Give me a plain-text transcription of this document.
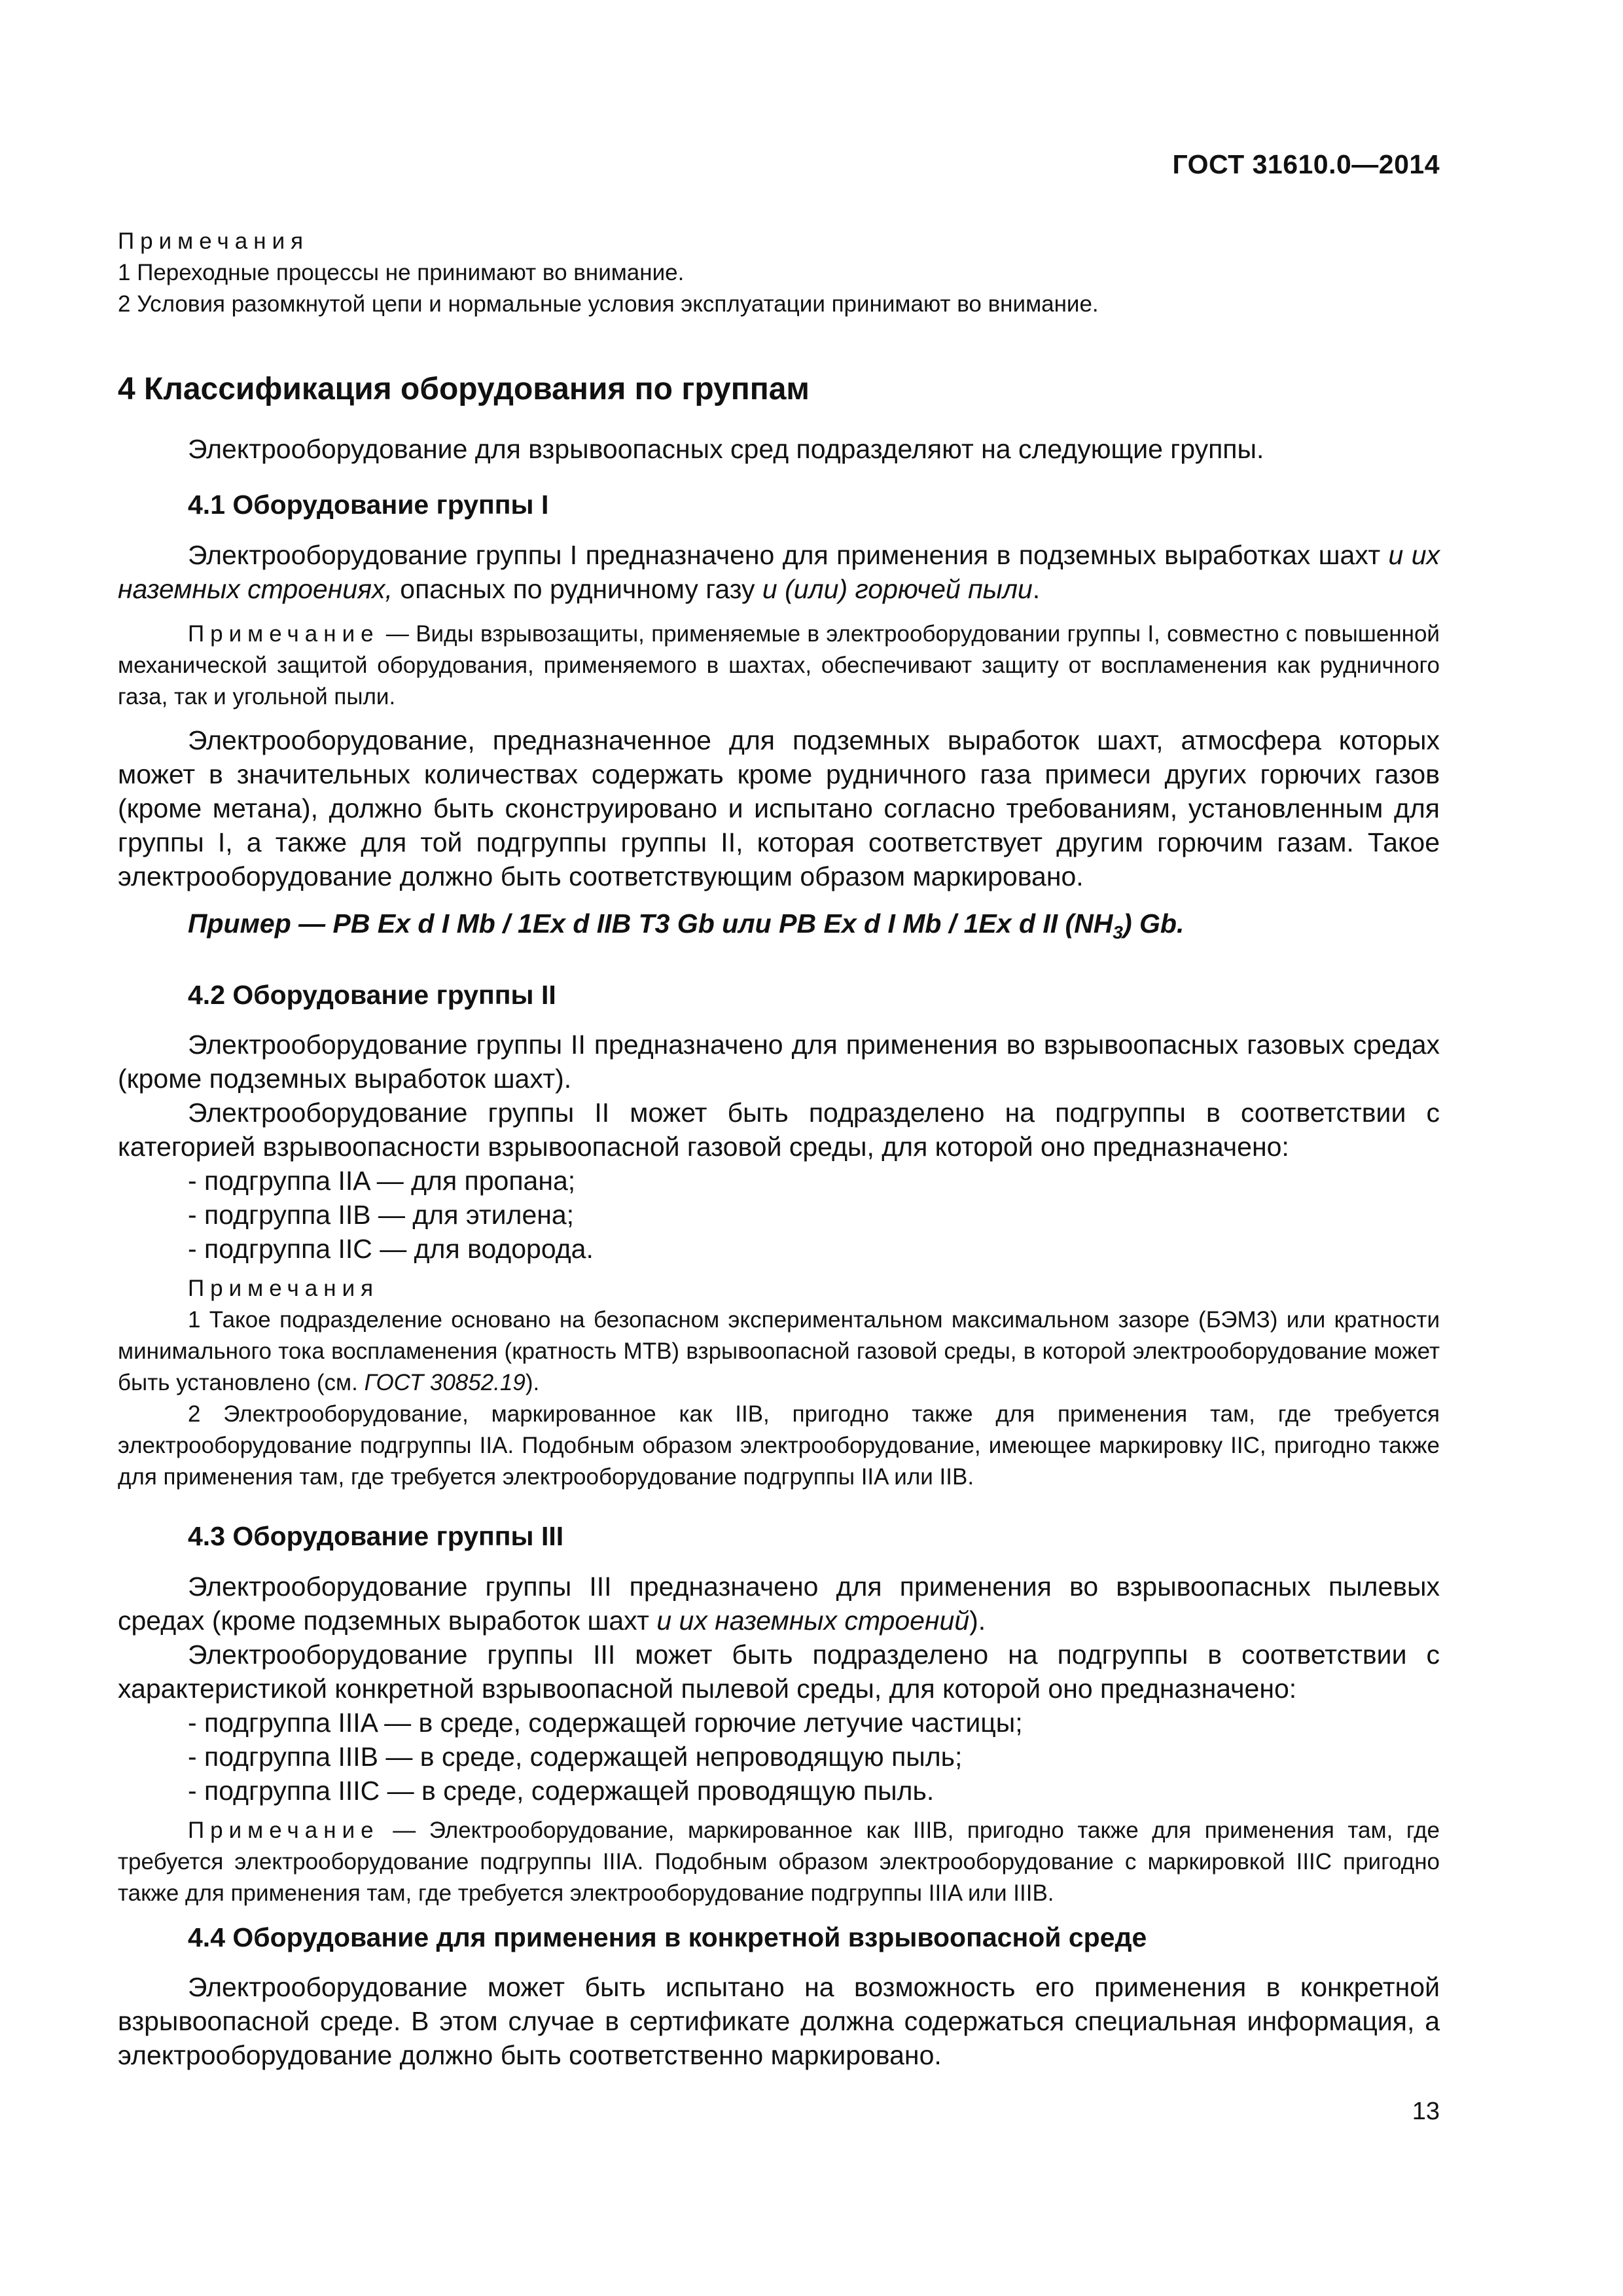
ГОСТ 31610.0—2014

Примечания

1 Переходные процессы не принимают во внимание.

2 Условия разомкнутой цепи и нормальные условия эксплуатации принимают во внимание.

4 Классификация оборудования по группам

Электрооборудование для взрывоопасных сред подразделяют на следующие группы.

4.1 Оборудование группы I

Электрооборудование группы I предназначено для применения в подземных выработках шахт и их наземных строениях, опасных по рудничному газу и (или) горючей пыли.

Примечание — Виды взрывозащиты, применяемые в электрооборудовании группы I, совместно с повышенной механической защитой оборудования, применяемого в шахтах, обеспечивают защиту от воспламенения как рудничного газа, так и угольной пыли.

Электрооборудование, предназначенное для подземных выработок шахт, атмосфера которых может в значительных количествах содержать кроме рудничного газа примеси других горючих газов (кроме метана), должно быть сконструировано и испытано согласно требованиям, установленным для группы I, а также для той подгруппы группы II, которая соответствует другим горючим газам. Такое электрооборудование должно быть соответствующим образом маркировано.

Пример — PB Ex d I Mb / 1Ex d IIB T3 Gb или PB Ex d I Mb / 1Ex d II $(NH_3)$ Gb.

4.2 Оборудование группы II

Электрооборудование группы II предназначено для применения во взрывоопасных газовых средах (кроме подземных выработок шахт).

Электрооборудование группы II может быть подразделено на подгруппы в соответствии с категорией взрывоопасности взрывоопасной газовой среды, для которой оно предназначено:

- подгруппа IIA — для пропана;

- подгруппа IIB — для этилена;

- подгруппа IIC — для водорода.

Примечания

1 Такое подразделение основано на безопасном экспериментальном максимальном зазоре (БЭМЗ) или кратности минимального тока воспламенения (кратность МТВ) взрывоопасной газовой среды, в которой электрооборудование может быть установлено (см. ГОСТ 30852.19).

2 Электрооборудование, маркированное как IIB, пригодно также для применения там, где требуется электрооборудование подгруппы IIA. Подобным образом электрооборудование, имеющее маркировку IIC, пригодно также для применения там, где требуется электрооборудование подгруппы IIA или IIB.

4.3 Оборудование группы III

Электрооборудование группы III предназначено для применения во взрывоопасных пылевых средах (кроме подземных выработок шахт и их наземных строений).

Электрооборудование группы III может быть подразделено на подгруппы в соответствии с характеристикой конкретной взрывоопасной пылевой среды, для которой оно предназначено:

- подгруппа IIIA — в среде, содержащей горючие летучие частицы;

- подгруппа IIIB — в среде, содержащей непроводящую пыль;

- подгруппа IIIC — в среде, содержащей проводящую пыль.

Примечание — Электрооборудование, маркированное как IIIB, пригодно также для применения там, где требуется электрооборудование подгруппы IIIA. Подобным образом электрооборудование с маркировкой IIIC пригодно также для применения там, где требуется электрооборудование подгруппы IIIA или IIIB.

4.4 Оборудование для применения в конкретной взрывоопасной среде

Электрооборудование может быть испытано на возможность его применения в конкретной взрывоопасной среде. В этом случае в сертификате должна содержаться специальная информация, а электрооборудование должно быть соответственно маркировано.

13
